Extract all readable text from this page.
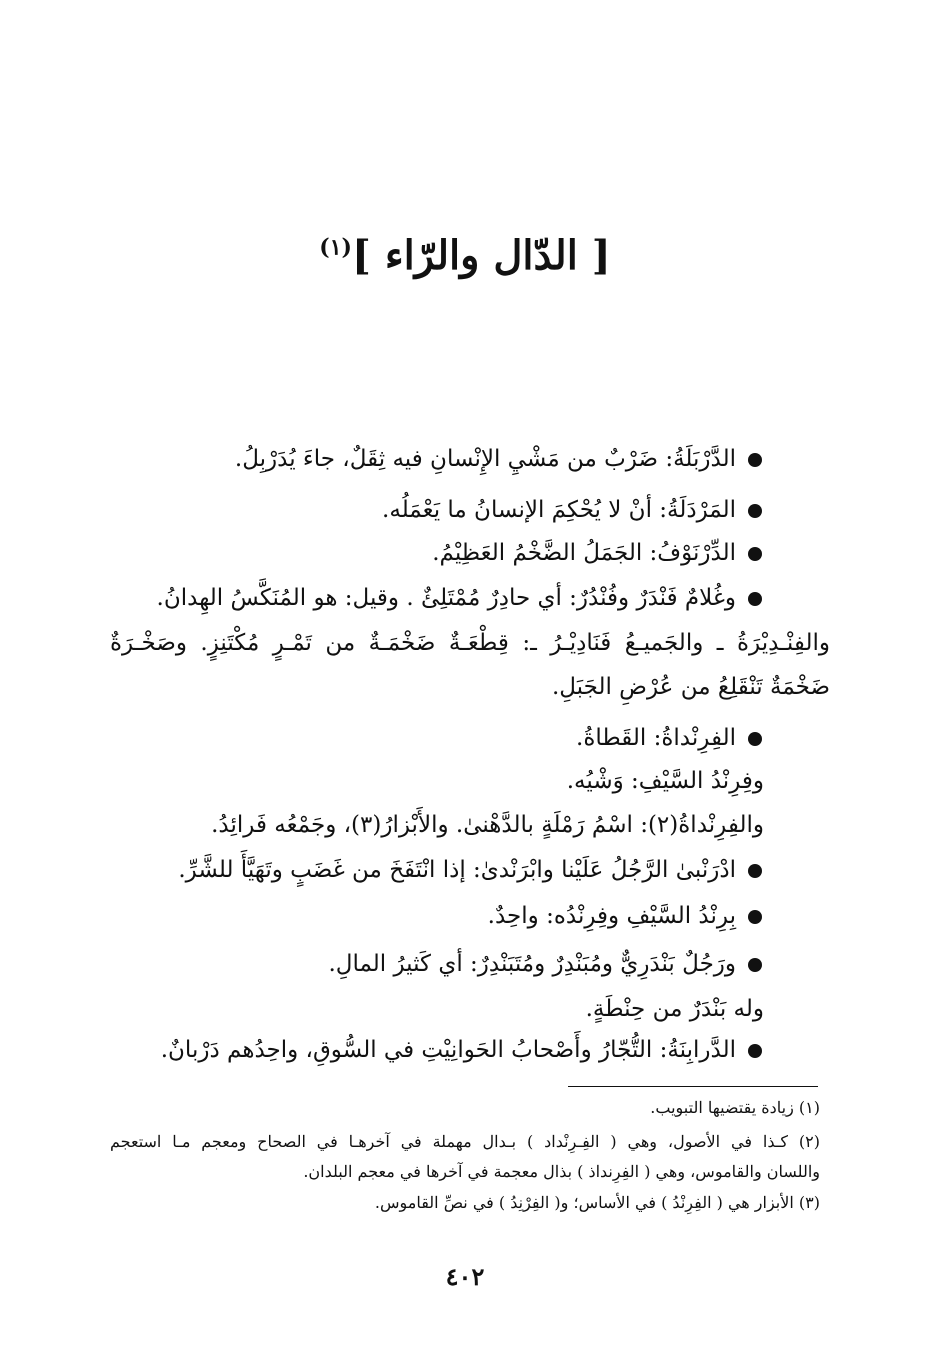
[ الدّال والرّاء ]$^{(١)}$
الدَّرْبَلَةُ: ضَرْبٌ من مَشْيِ الإِنْسانِ فيه ثِقَلٌ، جاءَ يُدَرْبِلُ.
المَرْدَلَةُ: أنْ لا يُحْكِمَ الإنسانُ ما يَعْمَلُه.
الدِّرْنَوْفُ: الجَمَلُ الضَّخْمُ العَظِيْمُ.
وغُلامٌ فَنْدَرٌ وفُنْدُرٌ: أي حادِرٌ مُمْتَلِئٌ . وقيل: هو المُنَكَّسُ الهِدانُ.
والفِنْـدِيْرَةُ ـ والجَميـعُ فَنَادِيْـرُ ـ: قِطْعَـةٌ ضَخْمَـةٌ من تَمْـرٍ مُكْتَنِزٍ. وصَخْـرَةٌ
ضَخْمَةٌ تَنْقَلِعُ من عُرْضِ الجَبَلِ.
الفِرِنْداةُ: القَطاةُ.
وفِرِنْدُ السَّيْفِ: وَشْيُه.
والفِرِنْداةُ(٢): اسْمُ رَمْلَةٍ بالدَّهْنىٰ. والأَبْزارُ(٣)، وجَمْعُه فَرائِدُ.
ادْرَنْبىٰ الرَّجُلُ عَلَيْنا وابْرَنْدىٰ: إذا انْتَفَخَ من غَضَبٍ وتَهَيَّأَ للشَّرِّ.
بِرِنْدُ السَّيْفِ وفِرِنْدُه: واحِدٌ.
ورَجُلٌ بَنْدَرِيٌّ ومُبَنْدِرٌ ومُتَبَنْدِرٌ: أي كَثيرُ المالِ.
وله بَنْدَرٌ من حِنْطَةٍ.
الدَّرابِنَةُ: التُّجّارُ وأَصْحابُ الحَوانِيْتِ في السُّوقِ، واحِدُهم دَرْبانٌ.
(١) زيادة يقتضيها التبويب.
(٢) كـذا في الأصول، وهي ( الفِـرِنْداد ) بـدال مهملة في آخرهـا في الصحاح ومعجم مـا استعجم
واللسان والقاموس، وهي ( الفِرِنداذ ) بذال معجمة في آخرها في معجم البلدان.
(٣) الأبزار هي ( الفِرِنْدُ ) في الأساس؛ و( الفِرْنِدُ ) في نصِّ القاموس.
٤٠٢
